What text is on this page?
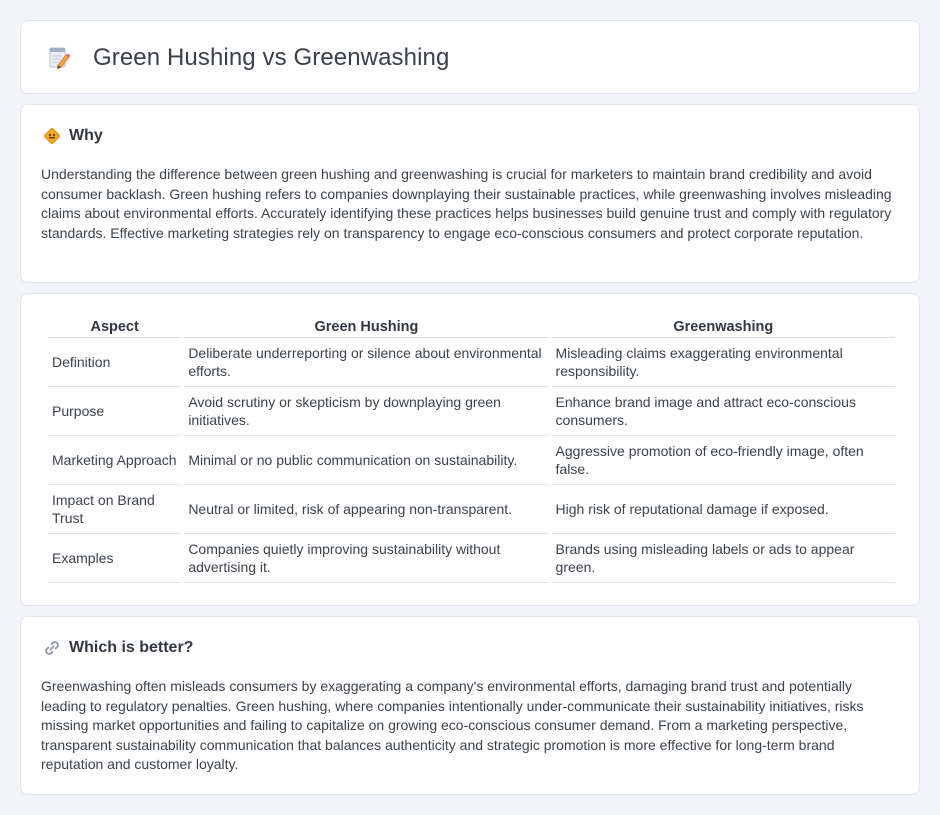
Green Hushing vs Greenwashing
Why

Understanding the difference between green hushing and greenwashing is crucial for marketers to maintain brand credibility and avoid consumer backlash. Green hushing refers to companies downplaying their sustainable practices, while greenwashing involves misleading claims about environmental efforts. Accurately identifying these practices helps businesses build genuine trust and comply with regulatory standards. Effective marketing strategies rely on transparency to engage eco-conscious consumers and protect corporate reputation.

Aspect	Green Hushing	Greenwashing
Definition	Deliberate underreporting or silence about environmental efforts.	Misleading claims exaggerating environmental responsibility.
Purpose	Avoid scrutiny or skepticism by downplaying green initiatives.	Enhance brand image and attract eco-conscious consumers.
Marketing Approach	Minimal or no public communication on sustainability.	Aggressive promotion of eco-friendly image, often false.
Impact on Brand Trust	Neutral or limited, risk of appearing non-transparent.	High risk of reputational damage if exposed.
Examples	Companies quietly improving sustainability without advertising it.	Brands using misleading labels or ads to appear green.
Which is better?

Greenwashing often misleads consumers by exaggerating a company's environmental efforts, damaging brand trust and potentially leading to regulatory penalties. Green hushing, where companies intentionally under-communicate their sustainability initiatives, risks missing market opportunities and failing to capitalize on growing eco-conscious consumer demand. From a marketing perspective, transparent sustainability communication that balances authenticity and strategic promotion is more effective for long-term brand reputation and customer loyalty.
